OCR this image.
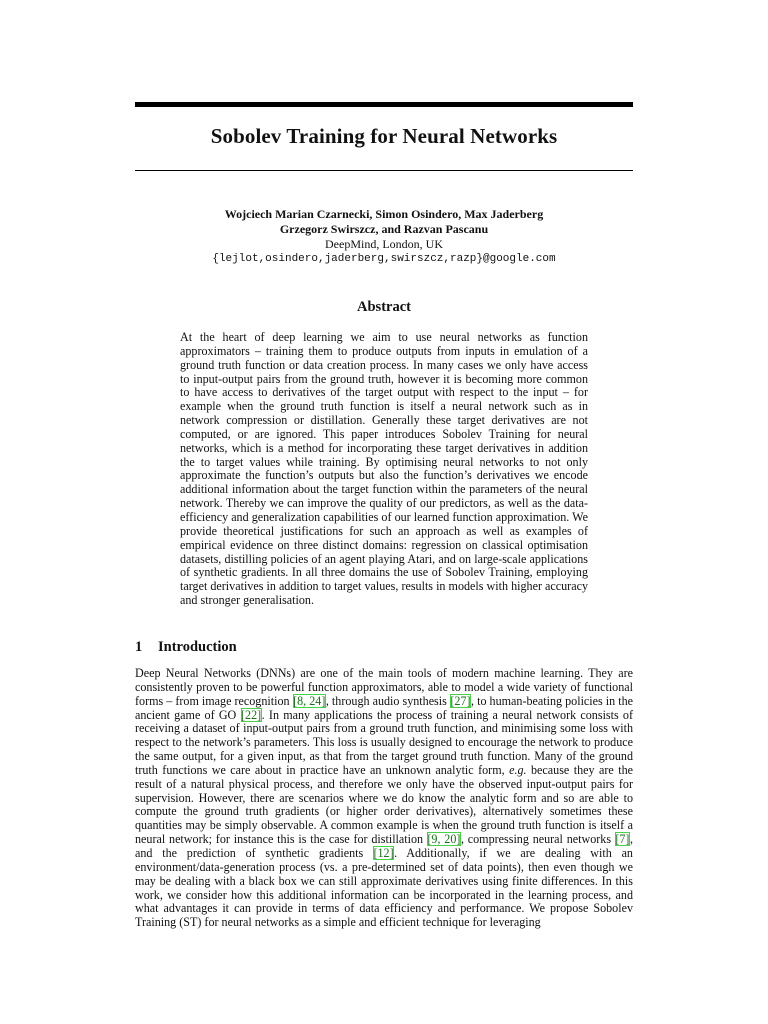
Sobolev Training for Neural Networks
Wojciech Marian Czarnecki, Simon Osindero, Max Jaderberg
Grzegorz Swirszcz, and Razvan Pascanu
DeepMind, London, UK
{lejlot,osindero,jaderberg,swirszcz,razp}@google.com
Abstract

At the heart of deep learning we aim to use neural networks as function approximators – training them to produce outputs from inputs in emulation of a ground truth function or data creation process. In many cases we only have access to input-output pairs from the ground truth, however it is becoming more common to have access to derivatives of the target output with respect to the input – for example when the ground truth function is itself a neural network such as in network compression or distillation. Generally these target derivatives are not computed, or are ignored. This paper introduces Sobolev Training for neural networks, which is a method for incorporating these target derivatives in addition the to target values while training. By optimising neural networks to not only approximate the function’s outputs but also the function’s derivatives we encode additional information about the target function within the parameters of the neural network. Thereby we can improve the quality of our predictors, as well as the data-efficiency and generalization capabilities of our learned function approximation. We provide theoretical justifications for such an approach as well as examples of empirical evidence on three distinct domains: regression on classical optimisation datasets, distilling policies of an agent playing Atari, and on large-scale applications of synthetic gradients. In all three domains the use of Sobolev Training, employing target derivatives in addition to target values, results in models with higher accuracy and stronger generalisation.

1 Introduction

Deep Neural Networks (DNNs) are one of the main tools of modern machine learning. They are consistently proven to be powerful function approximators, able to model a wide variety of functional forms – from image recognition [8, 24], through audio synthesis [27], to human-beating policies in the ancient game of GO [22]. In many applications the process of training a neural network consists of receiving a dataset of input-output pairs from a ground truth function, and minimising some loss with respect to the network’s parameters. This loss is usually designed to encourage the network to produce the same output, for a given input, as that from the target ground truth function. Many of the ground truth functions we care about in practice have an unknown analytic form, e.g. because they are the result of a natural physical process, and therefore we only have the observed input-output pairs for supervision. However, there are scenarios where we do know the analytic form and so are able to compute the ground truth gradients (or higher order derivatives), alternatively sometimes these quantities may be simply observable. A common example is when the ground truth function is itself a neural network; for instance this is the case for distillation [9, 20], compressing neural networks [7], and the prediction of synthetic gradients [12]. Additionally, if we are dealing with an environment/data-generation process (vs. a pre-determined set of data points), then even though we may be dealing with a black box we can still approximate derivatives using finite differences. In this work, we consider how this additional information can be incorporated in the learning process, and what advantages it can provide in terms of data efficiency and performance. We propose Sobolev Training (ST) for neural networks as a simple and efficient technique for leveraging
